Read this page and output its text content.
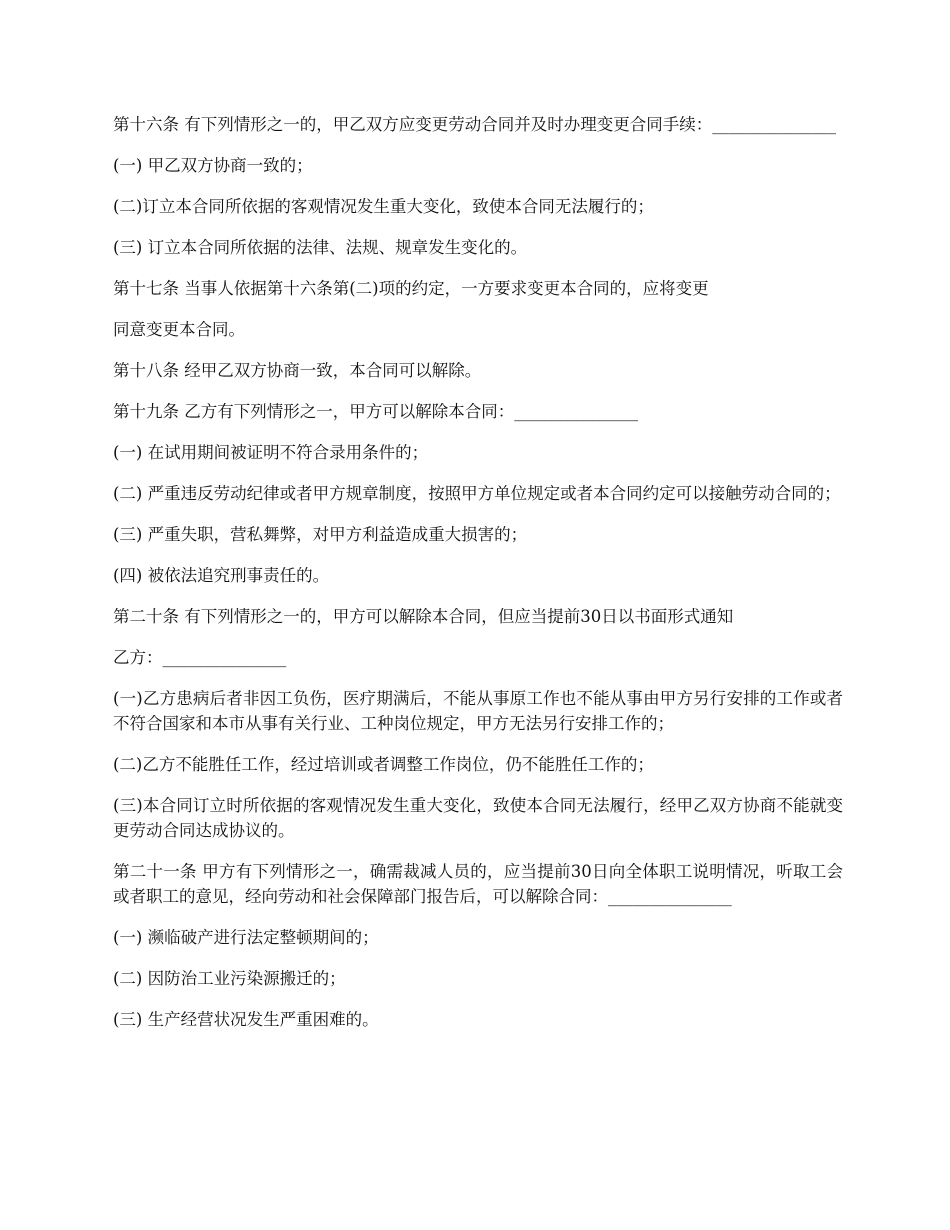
第十六条 有下列情形之一的，甲乙双方应变更劳动合同并及时办理变更合同手续：_______________

(一) 甲乙双方协商一致的；

(二)订立本合同所依据的客观情况发生重大变化，致使本合同无法履行的；

(三) 订立本合同所依据的法律、法规、规章发生变化的。

第十七条 当事人依据第十六条第(二)项的约定，一方要求变更本合同的，应将变更

同意变更本合同。

第十八条 经甲乙双方协商一致，本合同可以解除。

第十九条 乙方有下列情形之一，甲方可以解除本合同：_______________

(一) 在试用期间被证明不符合录用条件的；

(二) 严重违反劳动纪律或者甲方规章制度，按照甲方单位规定或者本合同约定可以接触劳动合同的；

(三) 严重失职，营私舞弊，对甲方利益造成重大损害的；

(四) 被依法追究刑事责任的。

第二十条 有下列情形之一的，甲方可以解除本合同，但应当提前30日以书面形式通知

乙方：_______________

(一)乙方患病后者非因工负伤，医疗期满后，不能从事原工作也不能从事由甲方另行安排的工作或者不符合国家和本市从事有关行业、工种岗位规定，甲方无法另行安排工作的；

(二)乙方不能胜任工作，经过培训或者调整工作岗位，仍不能胜任工作的；

(三)本合同订立时所依据的客观情况发生重大变化，致使本合同无法履行，经甲乙双方协商不能就变更劳动合同达成协议的。

第二十一条 甲方有下列情形之一，确需裁减人员的，应当提前30日向全体职工说明情况，听取工会或者职工的意见，经向劳动和社会保障部门报告后，可以解除合同：_______________

(一) 濒临破产进行法定整顿期间的；

(二) 因防治工业污染源搬迁的；

(三) 生产经营状况发生严重困难的。
